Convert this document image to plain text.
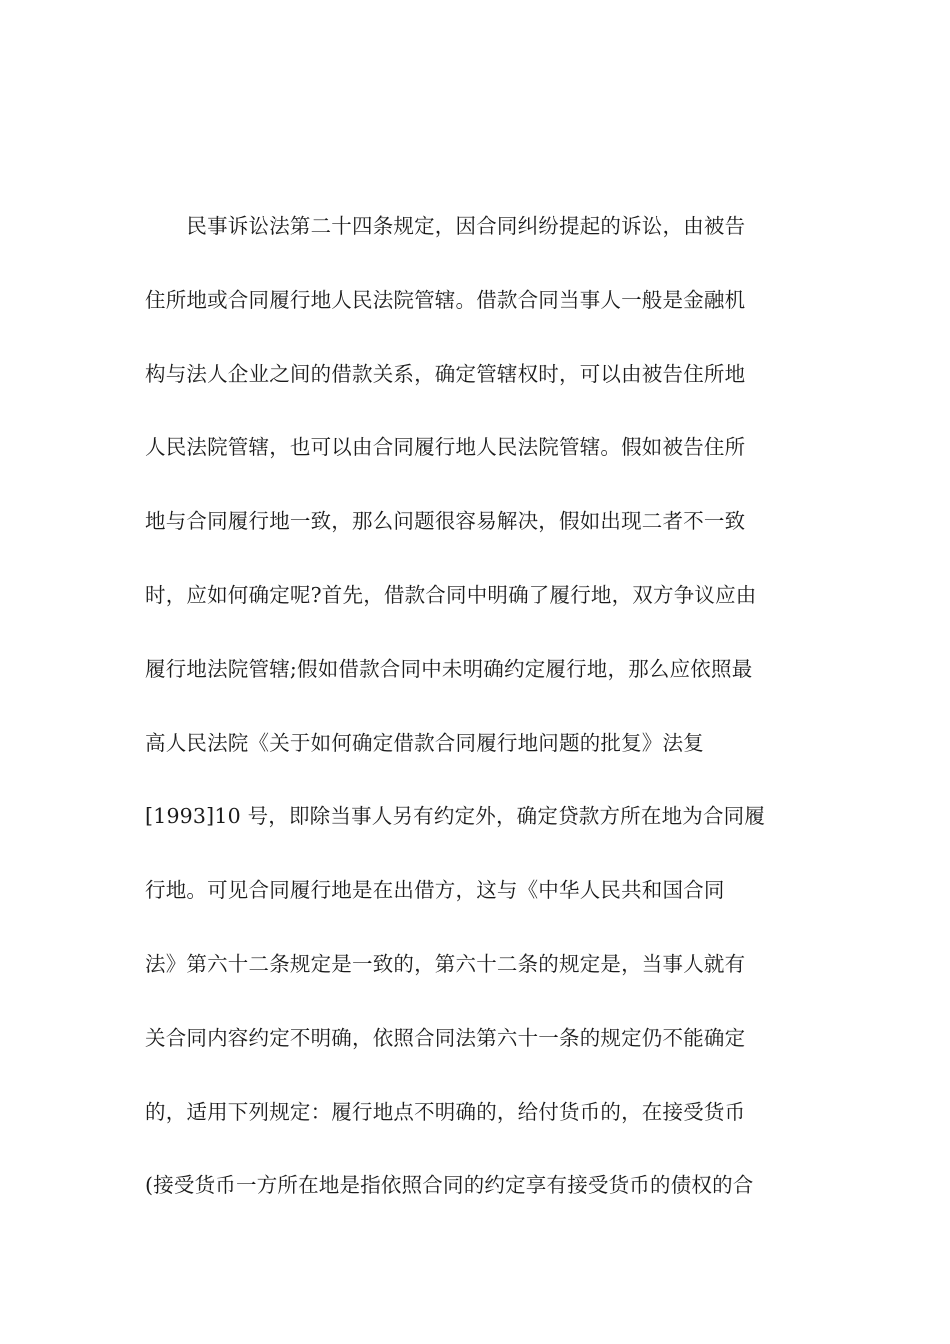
　　民事诉讼法第二十四条规定，因合同纠纷提起的诉讼，由被告
住所地或合同履行地人民法院管辖。借款合同当事人一般是金融机
构与法人企业之间的借款关系，确定管辖权时，可以由被告住所地
人民法院管辖，也可以由合同履行地人民法院管辖。假如被告住所
地与合同履行地一致，那么问题很容易解决，假如出现二者不一致
时，应如何确定呢?首先，借款合同中明确了履行地，双方争议应由
履行地法院管辖;假如借款合同中未明确约定履行地，那么应依照最
高人民法院《关于如何确定借款合同履行地问题的批复》法复
[1993]10 号，即除当事人另有约定外，确定贷款方所在地为合同履
行地。可见合同履行地是在出借方，这与《中华人民共和国合同
法》第六十二条规定是一致的，第六十二条的规定是，当事人就有
关合同内容约定不明确，依照合同法第六十一条的规定仍不能确定
的，适用下列规定：履行地点不明确的，给付货币的，在接受货币
(接受货币一方所在地是指依照合同的约定享有接受货币的债权的合
